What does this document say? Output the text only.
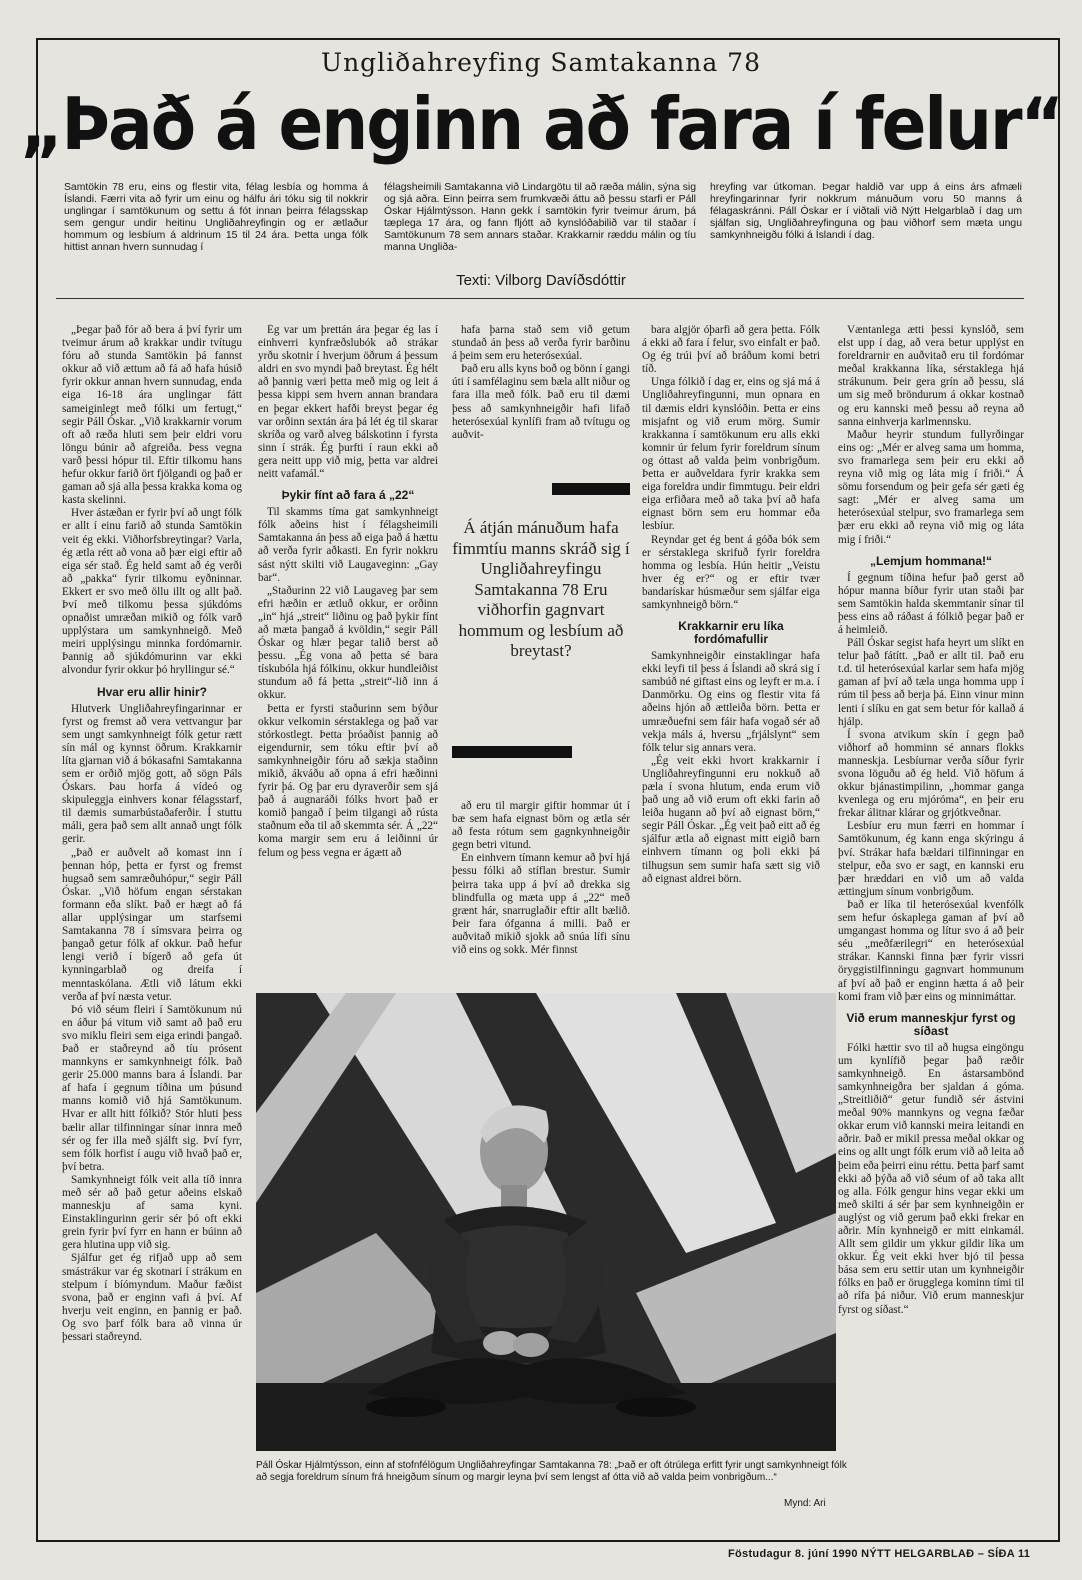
Ungliðahreyfing Samtakanna 78
„Það á enginn að fara í felur“
Samtökin 78 eru, eins og flestir vita, félag lesbía og homma á Íslandi. Færri vita að fyrir um einu og hálfu ári tóku sig til nokkrir unglingar í samtökunum og settu á fót innan þeirra félagsskap sem gengur undir heitinu Ungliðahreyfingin og er ætlaður hommum og lesbíum á aldrinum 15 til 24 ára. Þetta unga fólk hittist annan hvern sunnudag í
félagsheimili Samtakanna við Lindargötu til að ræða málin, sýna sig og sjá aðra. Einn þeirra sem frumkvæði áttu að þessu starfi er Páll Óskar Hjálmtýsson. Hann gekk í samtökin fyrir tveimur árum, þá tæplega 17 ára, og fann fljótt að kynslóðabilið var til staðar í Samtökunum 78 sem annars staðar. Krakkarnir ræddu málin og tíu manna Ungliða-
hreyfing var útkoman. Þegar haldið var upp á eins árs afmæli hreyfingarinnar fyrir nokkrum mánuðum voru 50 manns á félagaskránni. Páll Óskar er í viðtali við Nýtt Helgarblað í dag um sjálfan sig, Ungliðahreyfinguna og þau viðhorf sem mæta ungu samkynhneigðu fólki á Íslandi í dag.
Texti: Vilborg Davíðsdóttir

„Þegar það fór að bera á því fyrir um tveimur árum að krakkar undir tvítugu fóru að stunda Samtökin þá fannst okkur að við ættum að fá að hafa húsið fyrir okkur annan hvern sunnudag, enda eiga 16-18 ára unglingar fátt sameiginlegt með fólki um fertugt,“ segir Páll Óskar. „Við krakkarnir vorum oft að ræða hluti sem þeir eldri voru löngu búnir að afgreiða. Þess vegna varð þessi hópur til. Eftir tilkomu hans hefur okkur farið ört fjölgandi og það er gaman að sjá alla þessa krakka koma og kasta skelinni.

Hver ástæðan er fyrir því að ungt fólk er allt í einu farið að stunda Samtökin veit ég ekki. Viðhorfsbreytingar? Varla, ég ætla rétt að vona að þær eigi eftir að eiga sér stað. Ég held samt að ég verði að „pakka“ fyrir tilkomu eyðninnar. Ekkert er svo með öllu illt og allt það. Því með tilkomu þessa sjúkdóms opnaðist umræðan mikið og fólk varð upplýstara um samkynhneigð. Með meiri upplýsingu minnka fordómarnir. Þannig að sjúkdómurinn var ekki alvondur fyrir okkur þó hryllingur sé.“

Hvar eru allir hinir?

Hlutverk Ungliðahreyfingarinnar er fyrst og fremst að vera vettvangur þar sem ungt samkynhneigt fólk getur rætt sín mál og kynnst öðrum. Krakkarnir líta gjarnan við á bókasafni Samtakanna sem er orðið mjög gott, að sögn Páls Óskars. Þau horfa á vídeó og skipuleggja einhvers konar félagsstarf, til dæmis sumarbústaðaferðir. Í stuttu máli, gera það sem allt annað ungt fólk gerir.

„Það er auðvelt að komast inn í þennan hóp, þetta er fyrst og fremst hugsað sem samræðuhópur,“ segir Páll Óskar. „Við höfum engan sérstakan formann eða slíkt. Það er hægt að fá allar upplýsingar um starfsemi Samtakanna 78 í símsvara þeirra og þangað getur fólk af okkur. Það hefur lengi verið í bígerð að gefa út kynningarblað og dreifa í menntaskólana. Ætli við látum ekki verða af því næsta vetur.

Þó við séum fleiri í Samtökunum nú en áður þá vitum við samt að það eru svo miklu fleiri sem eiga erindi þangað. Það er staðreynd að tíu prósent mannkyns er samkynhneigt fólk. Það gerir 25.000 manns bara á Íslandi. Þar af hafa í gegnum tíðina um þúsund manns komið við hjá Samtökunum. Hvar er allt hitt fólkið? Stór hluti þess bælir allar tilfinningar sínar innra með sér og fer illa með sjálft sig. Því fyrr, sem fólk horfist í augu við hvað það er, því betra.

Samkynhneigt fólk veit alla tíð innra með sér að það getur aðeins elskað manneskju af sama kyni. Einstaklingurinn gerir sér þó oft ekki grein fyrir því fyrr en hann er búinn að gera hlutina upp við sig.

Sjálfur get ég rifjað upp að sem smástrákur var ég skotnari í strákum en stelpum í bíómyndum. Maður fæðist svona, það er enginn vafi á því. Af hverju veit enginn, en þannig er það. Og svo þarf fólk bara að vinna úr þessari staðreynd.

Ég var um þrettán ára þegar ég las í einhverri kynfræðslubók að strákar yrðu skotnir í hverjum öðrum á þessum aldri en svo myndi það breytast. Ég hélt að þannig væri þetta með mig og leit á þessa kippi sem hvern annan brandara en þegar ekkert hafði breyst þegar ég var orðinn sextán ára þá lét ég til skarar skríða og varð alveg bálskotinn í fyrsta sinn í strák. Ég þurfti í raun ekki að gera neitt upp við mig, þetta var aldrei neitt vafamál.“

Þykir fínt að fara á „22“

Til skamms tíma gat samkynhneigt fólk aðeins hist í félagsheimili Samtakanna án þess að eiga það á hættu að verða fyrir aðkasti. En fyrir nokkru sást nýtt skilti við Laugaveginn: „Gay bar“.

„Staðurinn 22 við Laugaveg þar sem efri hæðin er ætluð okkur, er orðinn „in“ hjá „streit“ liðinu og það þykir fínt að mæta þangað á kvöldin,“ segir Páll Óskar og hlær þegar talið berst að þessu. „Ég vona að þetta sé bara tískubóla hjá fólkinu, okkur hundleiðist stundum að fá þetta „streit“-lið inn á okkur.

Þetta er fyrsti staðurinn sem býður okkur velkomin sérstaklega og það var stórkostlegt. Þetta þróaðist þannig að eigendurnir, sem tóku eftir því að samkynhneigðir fóru að sækja staðinn mikið, ákváðu að opna á efri hæðinni fyrir þá. Og þar eru dyraverðir sem sjá það á augnaráði fólks hvort það er komið þangað í þeim tilgangi að rústa staðnum eða til að skemmta sér. Á „22“ koma margir sem eru á leiðinni úr felum og þess vegna er ágætt að

hafa þarna stað sem við getum stundað án þess að verða fyrir barðinu á þeim sem eru heterósexúal.

Það eru alls kyns boð og bönn í gangi úti í samfélaginu sem bæla allt niður og fara illa með fólk. Það eru til dæmi þess að samkynhneigðir hafi lifað heterósexúal kynlífi fram að tvítugu og auðvit-

Á átján mánuðum hafa fimmtíu manns skráð sig í Ungliðahreyfingu Samtakanna 78 Eru viðhorfin gagnvart hommum og lesbíum að breytast?

að eru til margir giftir hommar út í bæ sem hafa eignast börn og ætla sér að festa rótum sem gagnkynhneigðir gegn betri vitund.

En einhvern tímann kemur að því hjá þessu fólki að stíflan brestur. Sumir þeirra taka upp á því að drekka sig blindfulla og mæta upp á „22“ með grænt hár, snarruglaðir eftir allt bælið. Þeir fara ófganna á milli. Það er auðvitað mikið sjokk að snúa lífi sínu við eins og sokk. Mér finnst

bara algjör óþarfi að gera þetta. Fólk á ekki að fara í felur, svo einfalt er það. Og ég trúi því að bráðum komi betri tíð.

Unga fólkið í dag er, eins og sjá má á Ungliðahreyfingunni, mun opnara en til dæmis eldri kynslóðin. Þetta er eins misjafnt og við erum mörg. Sumir krakkanna í samtökunum eru alls ekki komnir úr felum fyrir foreldrum sínum og óttast að valda þeim vonbrigðum. Þetta er auðveldara fyrir krakka sem eiga foreldra undir fimmtugu. Þeir eldri eiga erfiðara með að taka því að hafa eignast börn sem eru hommar eða lesbíur.

Reyndar get ég bent á góða bók sem er sérstaklega skrifuð fyrir foreldra homma og lesbía. Hún heitir „Veistu hver ég er?“ og er eftir tvær bandarískar húsmæður sem sjálfar eiga samkynhneigð börn.“

Krakkarnir eru líka fordómafullir

Samkynhneigðir einstaklingar hafa ekki leyfi til þess á Íslandi að skrá sig í sambúð né giftast eins og leyft er m.a. í Danmörku. Og eins og flestir vita fá aðeins hjón að ættleiða börn. Þetta er umræðuefni sem fáir hafa vogað sér að vekja máls á, hversu „frjálslynt“ sem fólk telur sig annars vera.

„Ég veit ekki hvort krakkarnir í Ungliðahreyfingunni eru nokkuð að pæla í svona hlutum, enda erum við það ung að við erum oft ekki farin að leiða hugann að því að eignast börn,“ segir Páll Óskar. „Ég veit það eitt að ég sjálfur ætla að eignast mitt eigið barn einhvern tímann og þoli ekki þá tilhugsun sem sumir hafa sætt sig við að eignast aldrei börn.

Væntanlega ætti þessi kynslóð, sem elst upp í dag, að vera betur upplýst en foreldrarnir en auðvitað eru til fordómar meðal krakkanna líka, sérstaklega hjá strákunum. Þeir gera grín að þessu, slá um sig með bröndurum á okkar kostnað og eru kannski með þessu að reyna að sanna einhverja karlmennsku.

Maður heyrir stundum fullyrðingar eins og: „Mér er alveg sama um homma, svo framarlega sem þeir eru ekki að reyna við mig og láta mig í friði.“ Á sömu forsendum og þeir gefa sér gæti ég sagt: „Mér er alveg sama um heterósexúal stelpur, svo framarlega sem þær eru ekki að reyna við mig og láta mig í friði.“

„Lemjum hommana!“

Í gegnum tíðina hefur það gerst að hópur manna bíður fyrir utan staði þar sem Samtökin halda skemmtanir sínar til þess eins að ráðast á fólkið þegar það er á heimleið.

Páll Óskar segist hafa heyrt um slíkt en telur það fátítt. „Það er allt til. Það eru t.d. til heterósexúal karlar sem hafa mjög gaman af því að tæla unga homma upp í rúm til þess að berja þá. Einn vinur minn lenti í slíku en gat sem betur fór kallað á hjálp.

Í svona atvikum skín í gegn það viðhorf að homminn sé annars flokks manneskja. Lesbíurnar verða síður fyrir svona löguðu að ég held. Við höfum á okkur bjánastimpilinn, „hommar ganga kvenlega og eru mjóróma“, en þeir eru frekar álitnar klárar og grjótkveðnar.

Lesbíur eru mun færri en hommar í Samtökunum, ég kann enga skýringu á því. Strákar hafa bældari tilfinningar en stelpur, eða svo er sagt, en kannski eru þær hræddari en við um að valda ættingjum sínum vonbrigðum.

Það er líka til heterósexúal kvenfólk sem hefur óskaplega gaman af því að umgangast homma og lítur svo á að þeir séu „meðfærilegri“ en heterósexúal strákar. Kannski finna þær fyrir vissri öryggistilfinningu gagnvart hommunum af því að það er enginn hætta á að þeir komi fram við þær eins og minnimáttar.

Við erum manneskjur fyrst og síðast

Fólki hættir svo til að hugsa eingöngu um kynlífið þegar það ræðir samkynhneigð. En ástarsambönd samkynhneigðra ber sjaldan á góma. „Streitliðið“ getur fundið sér ástvini meðal 90% mannkyns og vegna fæðar okkar erum við kannski meira leitandi en aðrir. Það er mikil pressa meðal okkar og eins og allt ungt fólk erum við að leita að þeim eða þeirri einu réttu. Þetta þarf samt ekki að þýða að við séum of að taka allt og alla. Fólk gengur hins vegar ekki um með skilti á sér þar sem kynhneigðin er auglýst og við gerum það ekki frekar en aðrir. Mín kynhneigð er mitt einkamál. Allt sem gildir um ykkur gildir líka um okkur. Ég veit ekki hver bjó til þessa bása sem eru settir utan um kynhneigðir fólks en það er örugglega kominn tími til að rífa þá niður. Við erum manneskjur fyrst og síðast.“

Páll Óskar Hjálmtýsson, einn af stofnfélögum Ungliðahreyfingar Samtakanna 78: „Það er oft ótrúlega erfitt fyrir ungt samkynhneigt fólk að segja foreldrum sínum frá hneigðum sínum og margir leyna því sem lengst af ótta við að valda þeim vonbrigðum...“
Mynd: Ari
Föstudagur 8. júní 1990 NÝTT HELGARBLAÐ – SÍÐA 11
